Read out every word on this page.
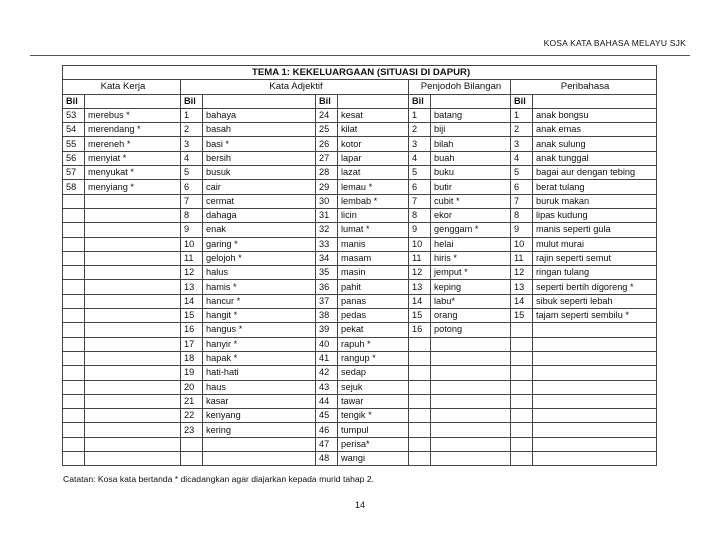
KOSA KATA BAHASA MELAYU SJK
TEMA 1: KEKELUARGAAN (SITUASI DI DAPUR)									
Kata Kerja		Kata Adjektif				Penjodoh Bilangan		Peribahasa	
Bil		Bil		Bil		Bil		Bil	
53	merebus *	1	bahaya	24	kesat	1	batang	1	anak bongsu
54	merendang *	2	basah	25	kilat	2	biji	2	anak emas
55	mereneh *	3	basi *	26	kotor	3	bilah	3	anak sulung
56	menyiat *	4	bersih	27	lapar	4	buah	4	anak tunggal
57	menyukat *	5	busuk	28	lazat	5	buku	5	bagai aur dengan tebing
58	menyiang *	6	cair	29	lemau *	6	butir	6	berat tulang
		7	cermat	30	lembab *	7	cubit *	7	buruk makan
		8	dahaga	31	licin	8	ekor	8	lipas kudung
		9	enak	32	lumat *	9	genggam *	9	manis seperti gula
		10	garing *	33	manis	10	helai	10	mulut murai
		11	gelojoh *	34	masam	11	hiris *	11	rajin seperti semut
		12	halus	35	masin	12	jemput *	12	ringan tulang
		13	hamis *	36	pahit	13	keping	13	seperti bertih digoreng *
		14	hancur *	37	panas	14	labu*	14	sibuk seperti lebah
		15	hangit *	38	pedas	15	orang	15	tajam seperti sembilu *
		16	hangus *	39	pekat	16	potong		
		17	hanyir *	40	rapuh *				
		18	hapak *	41	rangup *				
		19	hati-hati	42	sedap				
		20	haus	43	sejuk				
		21	kasar	44	tawar				
		22	kenyang	45	tengik *				
		23	kering	46	tumpul				
				47	perisa*				
				48	wangi				
Catatan: Kosa kata bertanda * dicadangkan agar diajarkan kepada murid tahap 2.
14
